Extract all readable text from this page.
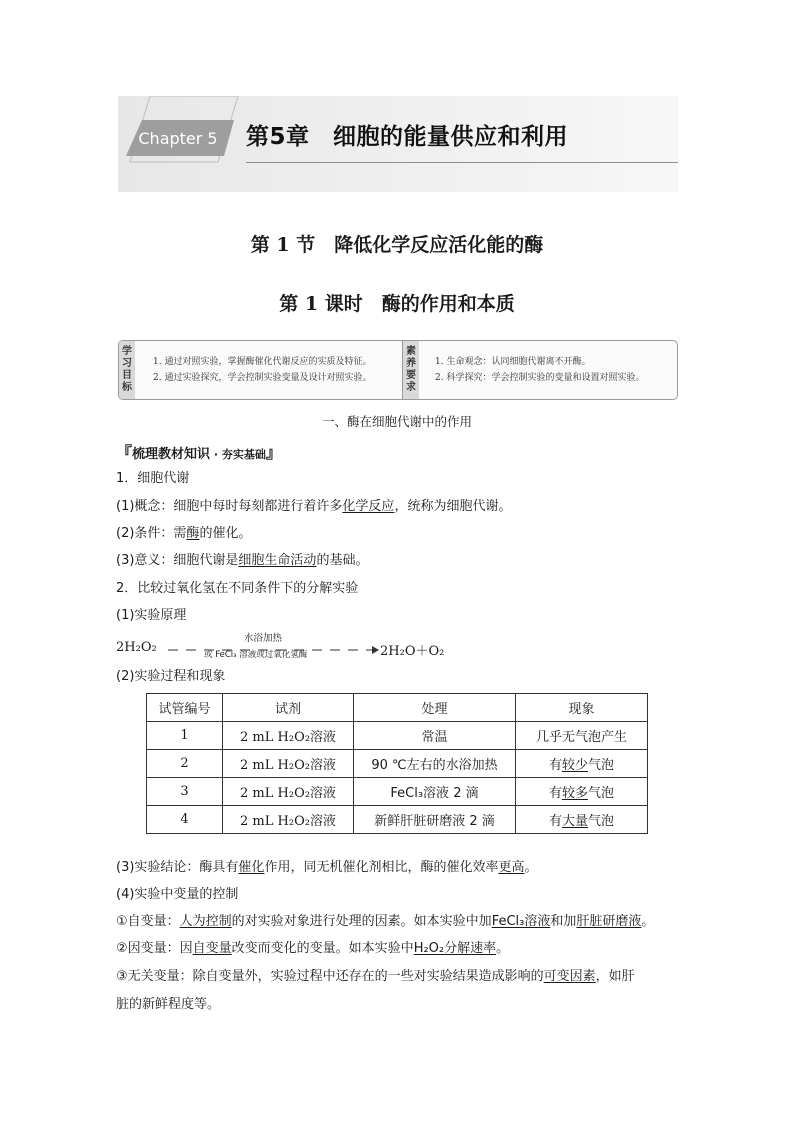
Chapter 5	第5章　细胞的能量供应和利用
第 1 节　降低化学反应活化能的酶
第 1 课时　酶的作用和本质
学
习
目
标
1. 通过对照实验，掌握酶催化代谢反应的实质及特征。
2. 通过实验探究，学会控制实验变量及设计对照实验。
素
养
要
求
1. 生命观念：认同细胞代谢离不开酶。
2. 科学探究：学会控制实验的变量和设置对照实验。
一、酶在细胞代谢中的作用
『梳理教材知识 · 夯实基础』
1．细胞代谢
(1)概念：细胞中每时每刻都进行着许多化学反应，统称为细胞代谢。
(2)条件：需酶的催化。
(3)意义：细胞代谢是细胞生命活动的基础。
2．比较过氧化氢在不同条件下的分解实验
(1)实验原理
2H₂O₂
水浴加热
或 FeCl₃ 溶液或过氧化氢酶	2H₂O＋O₂
(2)实验过程和现象
试管编号	试剂	处理	现象
1	2 mL H₂O₂溶液	常温	几乎无气泡产生
2	2 mL H₂O₂溶液	90 ℃左右的水浴加热	有较少气泡
3	2 mL H₂O₂溶液	FeCl₃溶液 2 滴	有较多气泡
4	2 mL H₂O₂溶液	新鲜肝脏研磨液 2 滴	有大量气泡
(3)实验结论：酶具有催化作用，同无机催化剂相比，酶的催化效率更高。
(4)实验中变量的控制
①自变量：人为控制的对实验对象进行处理的因素。如本实验中加FeCl₃溶液和加肝脏研磨液。
②因变量：因自变量改变而变化的变量。如本实验中H₂O₂分解速率。
③无关变量：除自变量外，实验过程中还存在的一些对实验结果造成影响的可变因素，如肝
脏的新鲜程度等。
